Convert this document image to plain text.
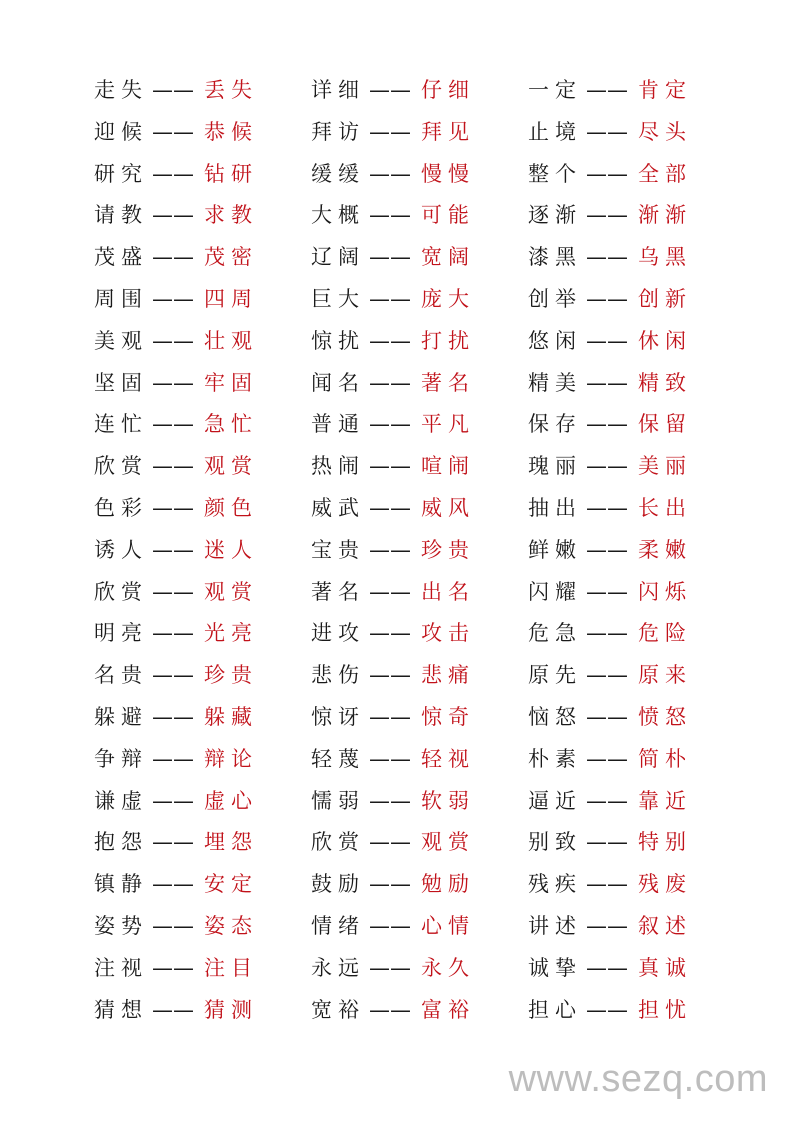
走失 —— 丢失
迎候 —— 恭候
研究 —— 钻研
请教 —— 求教
茂盛 —— 茂密
周围 —— 四周
美观 —— 壮观
坚固 —— 牢固
连忙 —— 急忙
欣赏 —— 观赏
色彩 —— 颜色
诱人 —— 迷人
欣赏 —— 观赏
明亮 —— 光亮
名贵 —— 珍贵
躲避 —— 躲藏
争辩 —— 辩论
谦虚 —— 虚心
抱怨 —— 埋怨
镇静 —— 安定
姿势 —— 姿态
注视 —— 注目
猜想 —— 猜测
详细 —— 仔细
拜访 —— 拜见
缓缓 —— 慢慢
大概 —— 可能
辽阔 —— 宽阔
巨大 —— 庞大
惊扰 —— 打扰
闻名 —— 著名
普通 —— 平凡
热闹 —— 喧闹
威武 —— 威风
宝贵 —— 珍贵
著名 —— 出名
进攻 —— 攻击
悲伤 —— 悲痛
惊讶 —— 惊奇
轻蔑 —— 轻视
懦弱 —— 软弱
欣赏 —— 观赏
鼓励 —— 勉励
情绪 —— 心情
永远 —— 永久
宽裕 —— 富裕
一定 —— 肯定
止境 —— 尽头
整个 —— 全部
逐渐 —— 渐渐
漆黑 —— 乌黑
创举 —— 创新
悠闲 —— 休闲
精美 —— 精致
保存 —— 保留
瑰丽 —— 美丽
抽出 —— 长出
鲜嫩 —— 柔嫩
闪耀 —— 闪烁
危急 —— 危险
原先 —— 原来
恼怒 —— 愤怒
朴素 —— 简朴
逼近 —— 靠近
别致 —— 特别
残疾 —— 残废
讲述 —— 叙述
诚挚 —— 真诚
担心 —— 担忧
www.sezq.com
